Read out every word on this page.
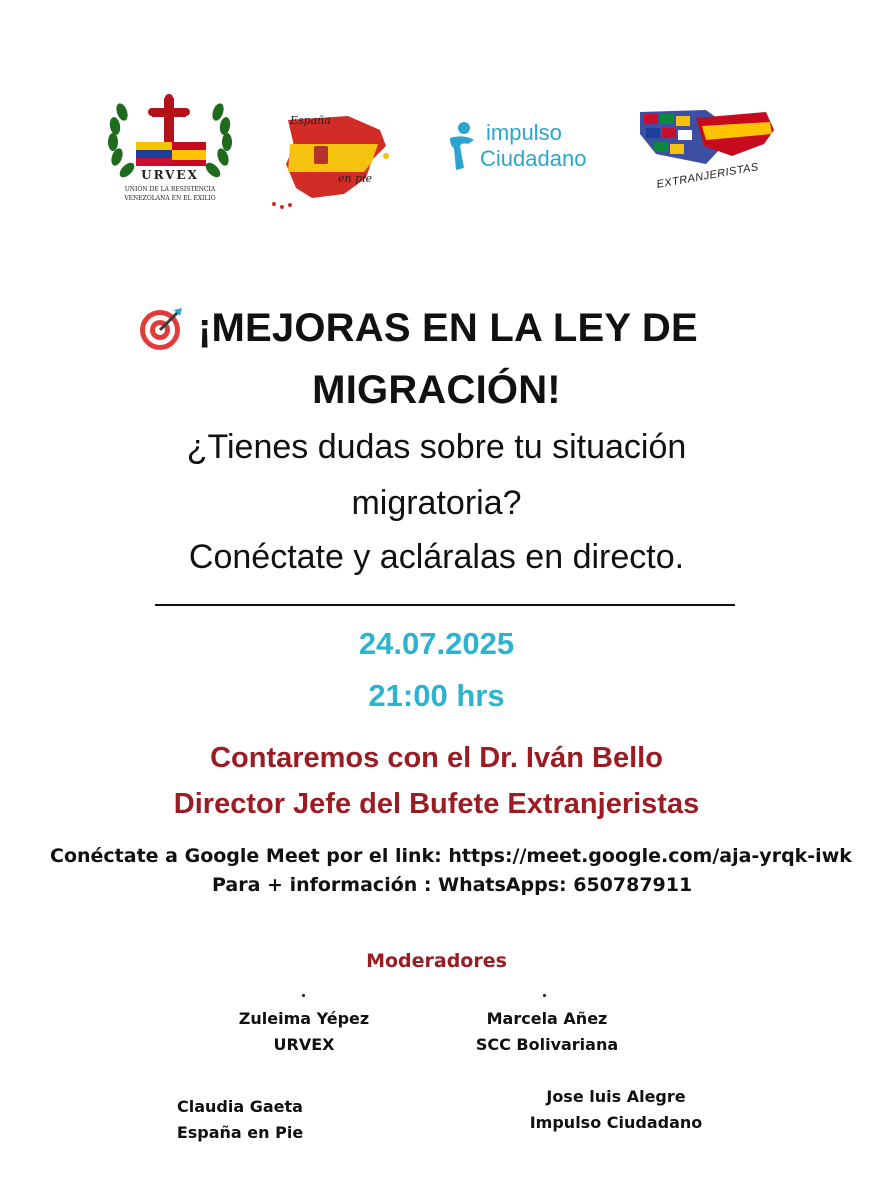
URVEX
UNIÓN DE LA RESISTENCIA
VENEZOLANA EN EL EXILIO
España
en pie
impulso
Ciudadano
EXTRANJERISTAS
¡MEJORAS EN LA LEY DE
MIGRACIÓN!
¿Tienes dudas sobre tu situación
migratoria?
Conéctate y acláralas en directo.
24.07.2025
21:00 hrs
Contaremos con el Dr. Iván Bello
Director Jefe del Bufete Extranjeristas
Conéctate a Google Meet por el link: https://meet.google.com/aja-yrqk-iwk
Para + información : WhatsApps: 650787911
Moderadores
Zuleima Yépez
URVEX
Marcela Añez
SCC Bolivariana
Claudia Gaeta
España en Pie
Jose luis Alegre
Impulso Ciudadano
